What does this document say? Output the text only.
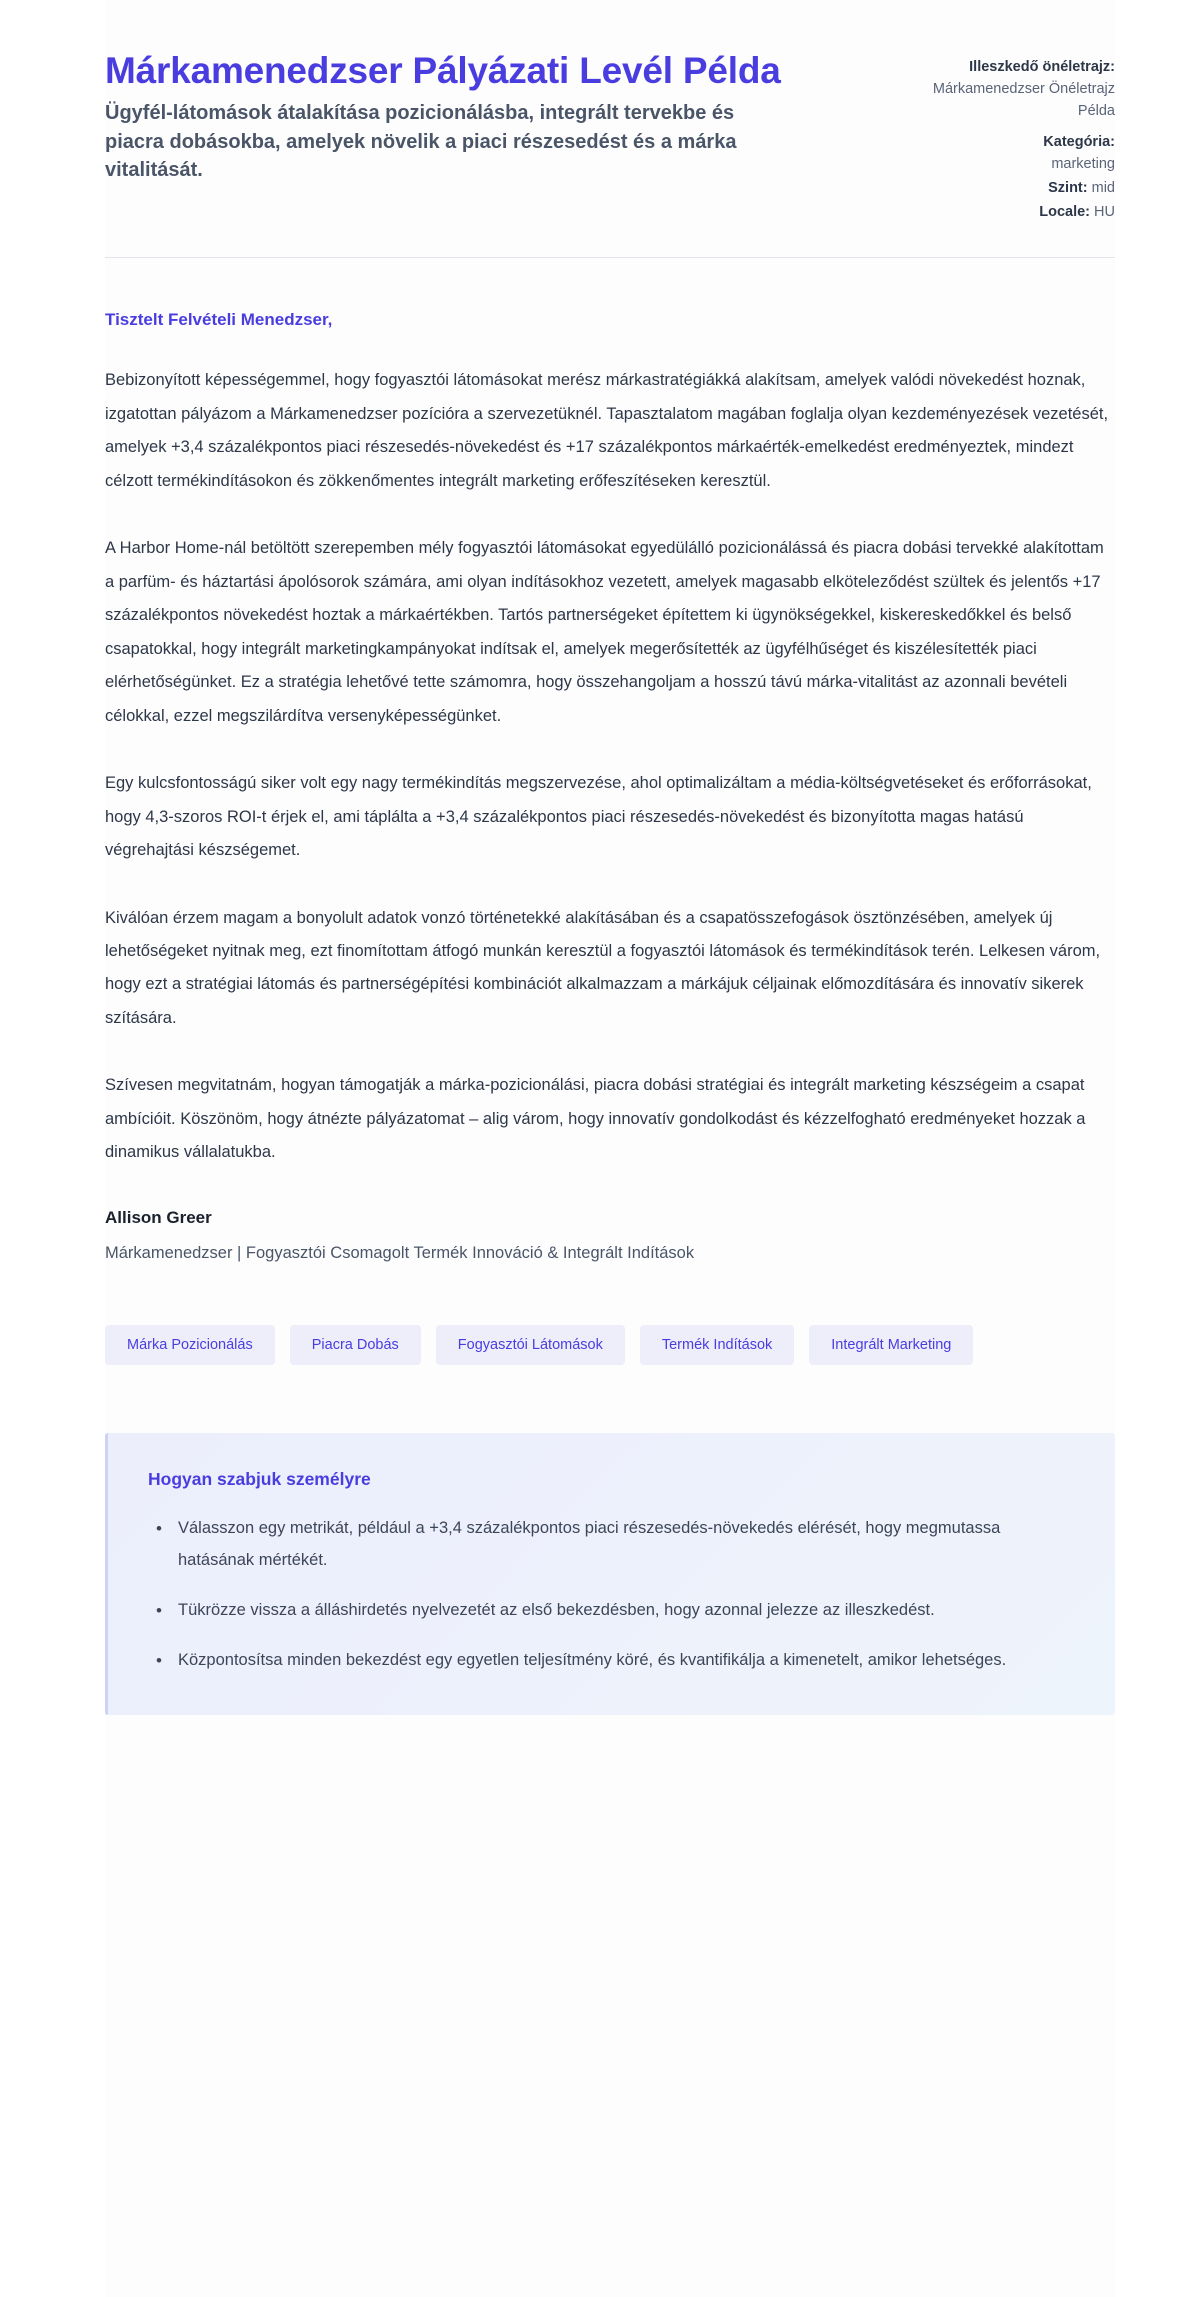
Márkamenedzser Pályázati Levél Példa

Ügyfél-látomások átalakítása pozicionálásba, integrált tervekbe és piacra dobásokba, amelyek növelik a piaci részesedést és a márka vitalitását.

Illeszkedő önéletrajz:
Márkamenedzser Önéletrajz Példa
Kategória:
marketing
Szint: mid
Locale: HU

Tisztelt Felvételi Menedzser,

Bebizonyított képességemmel, hogy fogyasztói látomásokat merész márkastratégiákká alakítsam, amelyek valódi növekedést hoznak, izgatottan pályázom a Márkamenedzser pozícióra a szervezetüknél. Tapasztalatom magában foglalja olyan kezdeményezések vezetését, amelyek +3,4 százalékpontos piaci részesedés-növekedést és +17 százalékpontos márkaérték-emelkedést eredményeztek, mindezt célzott termékindításokon és zökkenőmentes integrált marketing erőfeszítéseken keresztül.

A Harbor Home-nál betöltött szerepemben mély fogyasztói látomásokat egyedülálló pozicionálássá és piacra dobási tervekké alakítottam a parfüm- és háztartási ápolósorok számára, ami olyan indításokhoz vezetett, amelyek magasabb elköteleződést szültek és jelentős +17 százalékpontos növekedést hoztak a márkaértékben. Tartós partnerségeket építettem ki ügynökségekkel, kiskereskedőkkel és belső csapatokkal, hogy integrált marketingkampányokat indítsak el, amelyek megerősítették az ügyfélhűséget és kiszélesítették piaci elérhetőségünket. Ez a stratégia lehetővé tette számomra, hogy összehangoljam a hosszú távú márka-vitalitást az azonnali bevételi célokkal, ezzel megszilárdítva versenyképességünket.

Egy kulcsfontosságú siker volt egy nagy termékindítás megszervezése, ahol optimalizáltam a média-költségvetéseket és erőforrásokat, hogy 4,3-szoros ROI-t érjek el, ami táplálta a +3,4 százalékpontos piaci részesedés-növekedést és bizonyította magas hatású végrehajtási készségemet.

Kiválóan érzem magam a bonyolult adatok vonzó történetekké alakításában és a csapatösszefogások ösztönzésében, amelyek új lehetőségeket nyitnak meg, ezt finomítottam átfogó munkán keresztül a fogyasztói látomások és termékindítások terén. Lelkesen várom, hogy ezt a stratégiai látomás és partnerségépítési kombinációt alkalmazzam a márkájuk céljainak előmozdítására és innovatív sikerek szítására.

Szívesen megvitatnám, hogyan támogatják a márka-pozicionálási, piacra dobási stratégiai és integrált marketing készségeim a csapat ambícióit. Köszönöm, hogy átnézte pályázatomat – alig várom, hogy innovatív gondolkodást és kézzelfogható eredményeket hozzak a dinamikus vállalatukba.

Allison Greer

Márkamenedzser | Fogyasztói Csomagolt Termék Innováció & Integrált Indítások

Márka Pozicionálás	Piacra Dobás	Fogyasztói Látomások	Termék Indítások	Integrált Marketing
Hogyan szabjuk személyre
• Válasszon egy metrikát, például a +3,4 százalékpontos piaci részesedés-növekedés elérését, hogy megmutassa hatásának mértékét.
• Tükrözze vissza a álláshirdetés nyelvezetét az első bekezdésben, hogy azonnal jelezze az illeszkedést.
• Központosítsa minden bekezdést egy egyetlen teljesítmény köré, és kvantifikálja a kimenetelt, amikor lehetséges.
